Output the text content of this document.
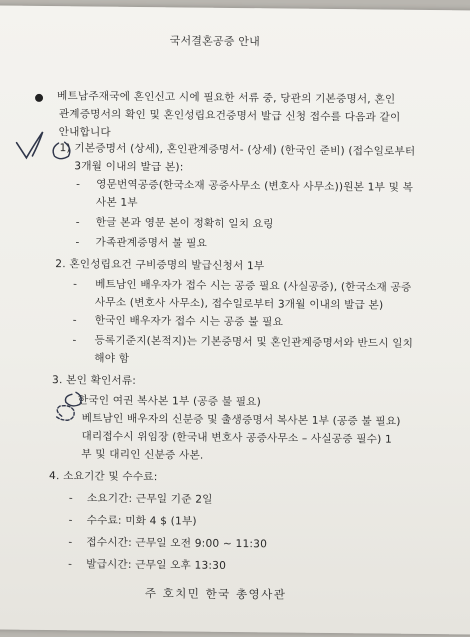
국서결혼공증 안내
베트남주재국에 혼인신고 시에 필요한 서류 중, 당관의 기본증명서, 혼인
관계증명서의 확인 및 혼인성립요건증명서 발급 신청 접수를 다음과 같이
안내합니다
1) 기본증명서 (상세), 혼인관계증명서- (상세) (한국인 준비) (접수일로부터
3개월 이내의 발급 본):
- 영문번역공증(한국소재 공증사무소 (변호사 사무소))원본 1부 및 복
사본 1부
- 한글 본과 영문 본이 정확히 일치 요링
- 가족관계증명서 불 필요
2. 혼인성립요건 구비증명의 발급신청서 1부
- 베트남인 배우자가 접수 시는 공증 필요 (사실공증), (한국소재 공증
사무소 (변호사 사무소), 접수일로부터 3개월 이내의 발급 본)
- 한국인 배우자가 접수 시는 공증 불 필요
- 등록기준지(본적지)는 기본증명서 및 혼인관계증명서와 반드시 일치
해야 함
3. 본인 확인서류:
한국인 여권 복사본 1부 (공증 불 필요)
베트남인 배우자의 신분증 및 출생증명서 복사본 1부 (공증 불 필요)
대리접수시 위임장 (한국내 변호사 공증사무소 – 사실공증 필수) 1
부 및 대리인 신분증 사본.
4. 소요기간 및 수수료:
- 소요기간: 근무일 기준 2일
- 수수료: 미화 4 $ (1부)
- 접수시간: 근무일 오전 9:00 ~ 11:30
- 발급시간: 근무일 오후 13:30
주 호치민 한국 총영사관
